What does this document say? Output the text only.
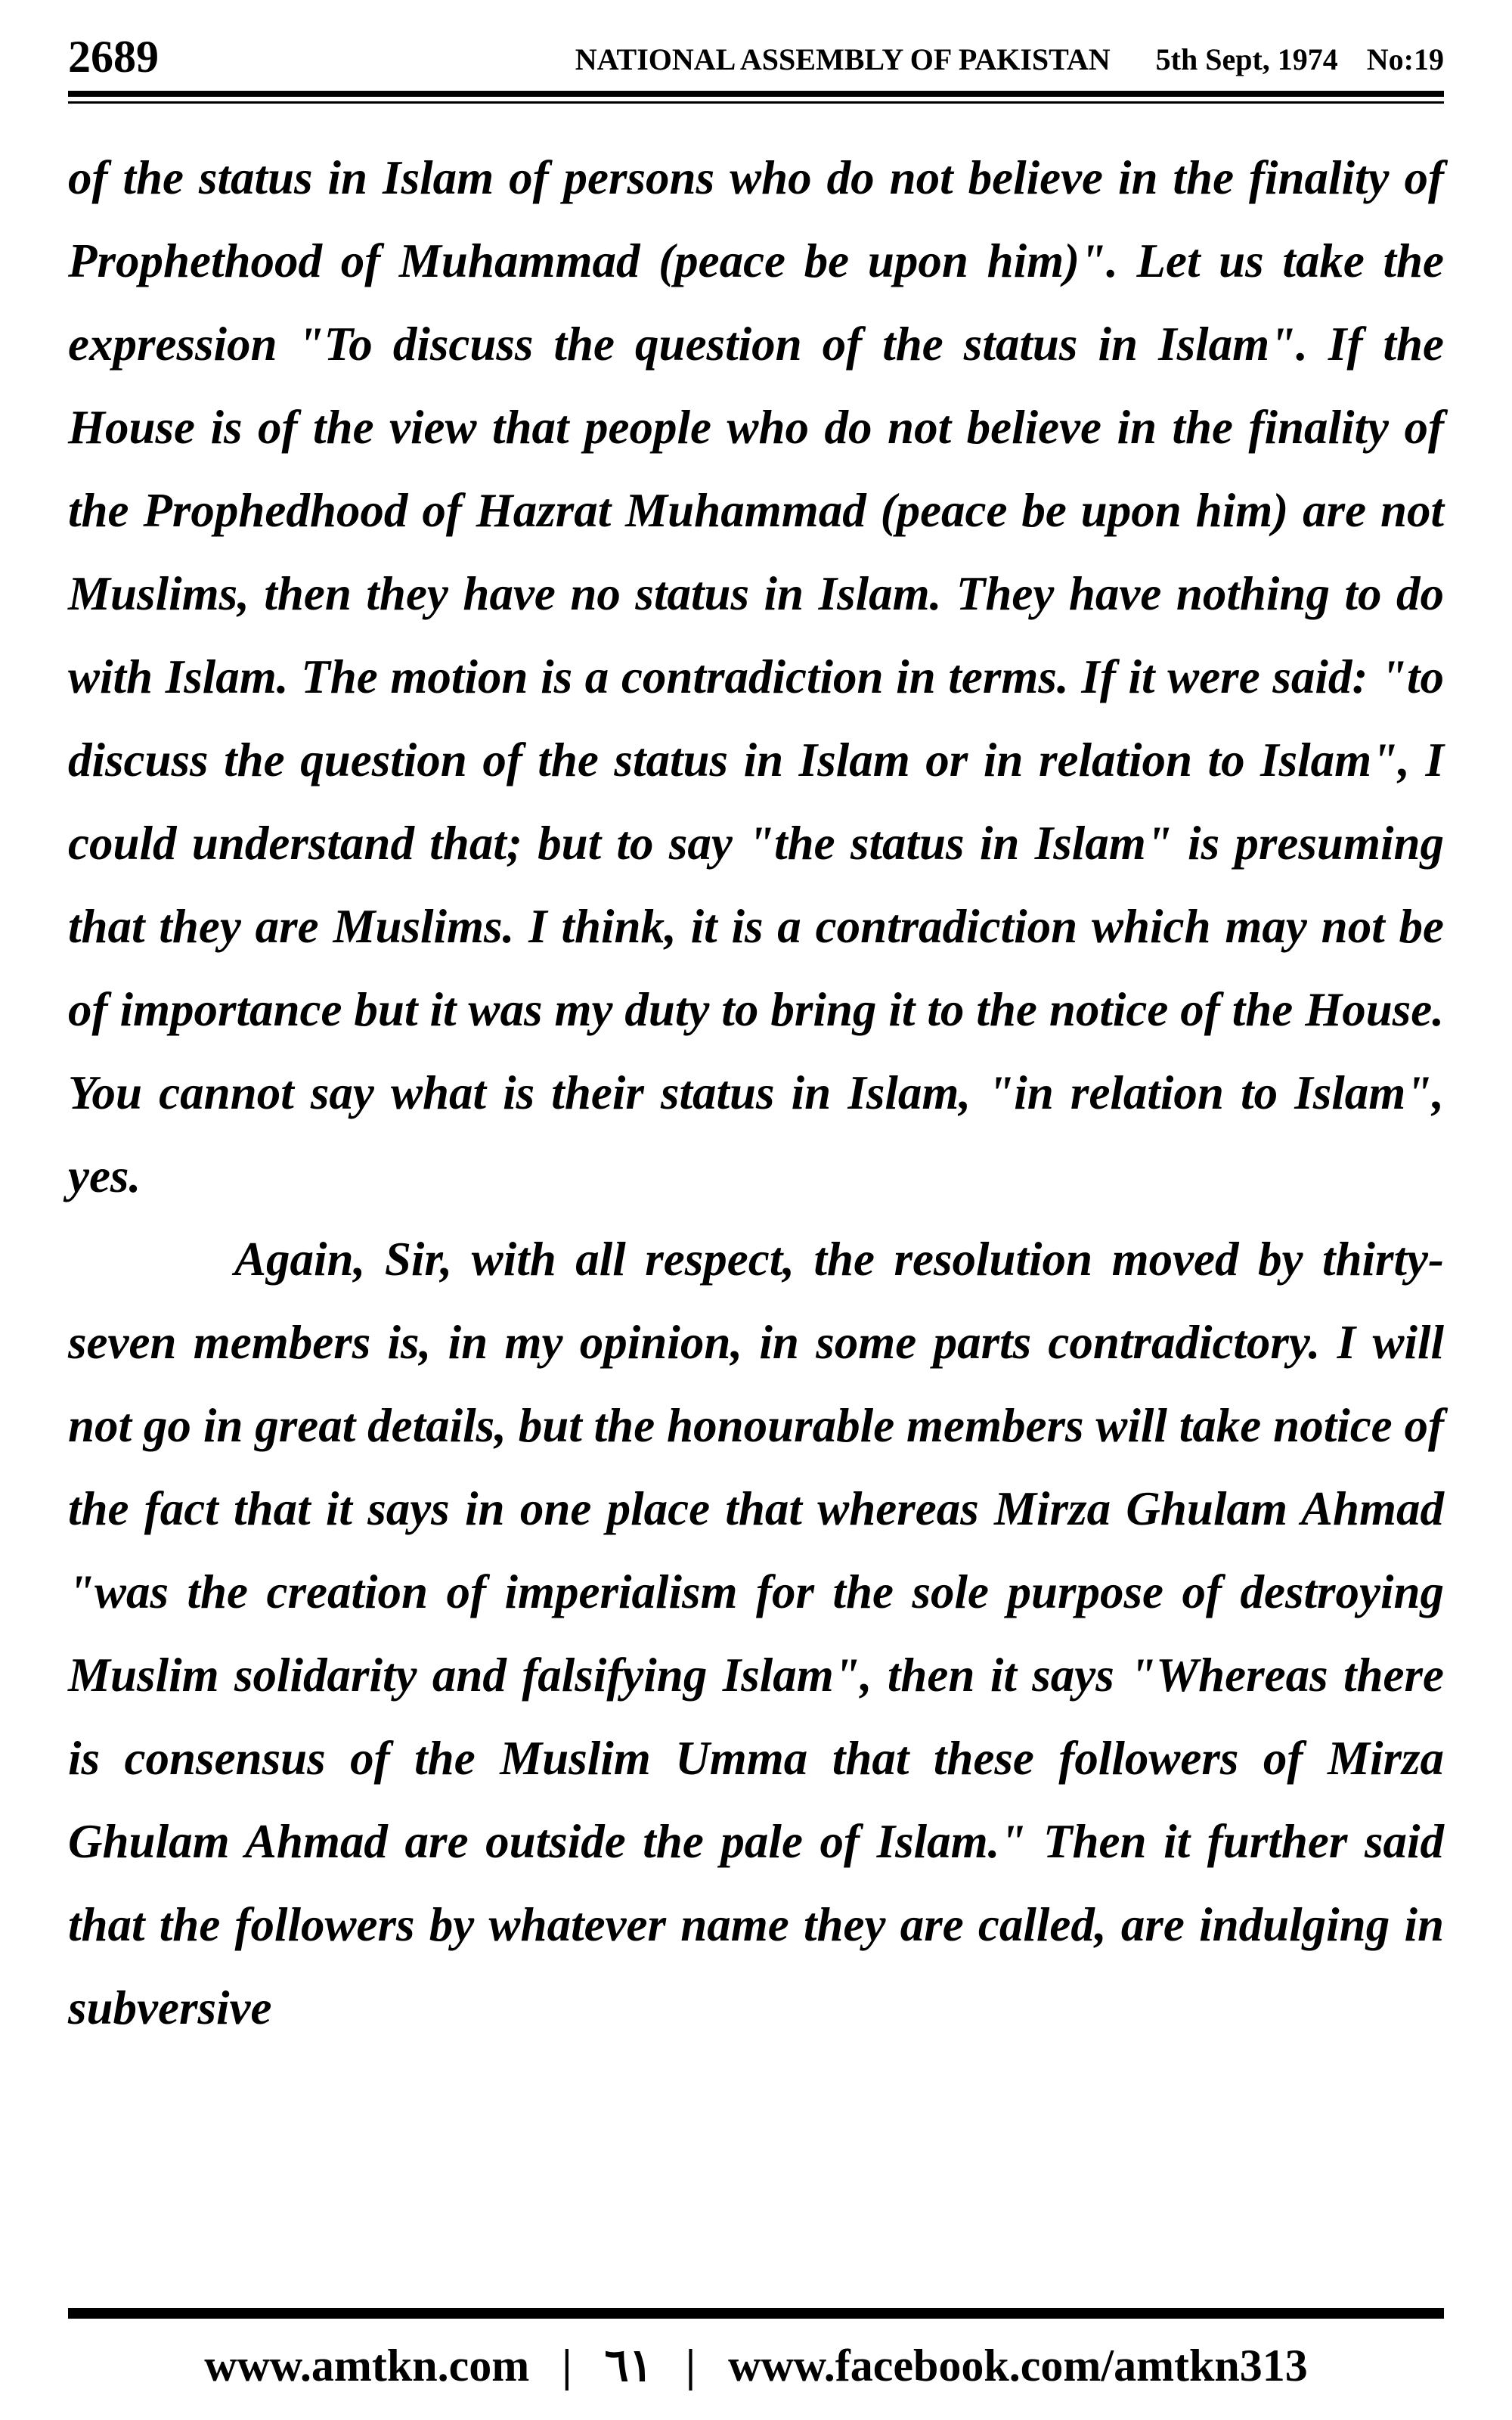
2689	NATIONAL ASSEMBLY OF PAKISTAN 5th Sept, 1974 No:19

of the status in Islam of persons who do not believe in the finality of Prophethood of Muhammad (peace be upon him)". Let us take the expression "To discuss the question of the status in Islam". If the House is of the view that people who do not believe in the finality of the Prophedhood of Hazrat Muhammad (peace be upon him) are not Muslims, then they have no status in Islam. They have nothing to do with Islam. The motion is a contradiction in terms. If it were said: "to discuss the question of the status in Islam or in relation to Islam", I could understand that; but to say "the status in Islam" is presuming that they are Muslims. I think, it is a contradiction which may not be of importance but it was my duty to bring it to the notice of the House. You cannot say what is their status in Islam, "in relation to Islam", yes.

Again, Sir, with all respect, the resolution moved by thirty- seven members is, in my opinion, in some parts contradictory. I will not go in great details, but the honourable members will take notice of the fact that it says in one place that whereas Mirza Ghulam Ahmad "was the creation of imperialism for the sole purpose of destroying Muslim solidarity and falsifying Islam", then it says "Whereas there is consensus of the Muslim Umma that these followers of Mirza Ghulam Ahmad are outside the pale of Islam." Then it further said that the followers by whatever name they are called, are indulging in subversive

www.amtkn.com | ٦١ | www.facebook.com/amtkn313
